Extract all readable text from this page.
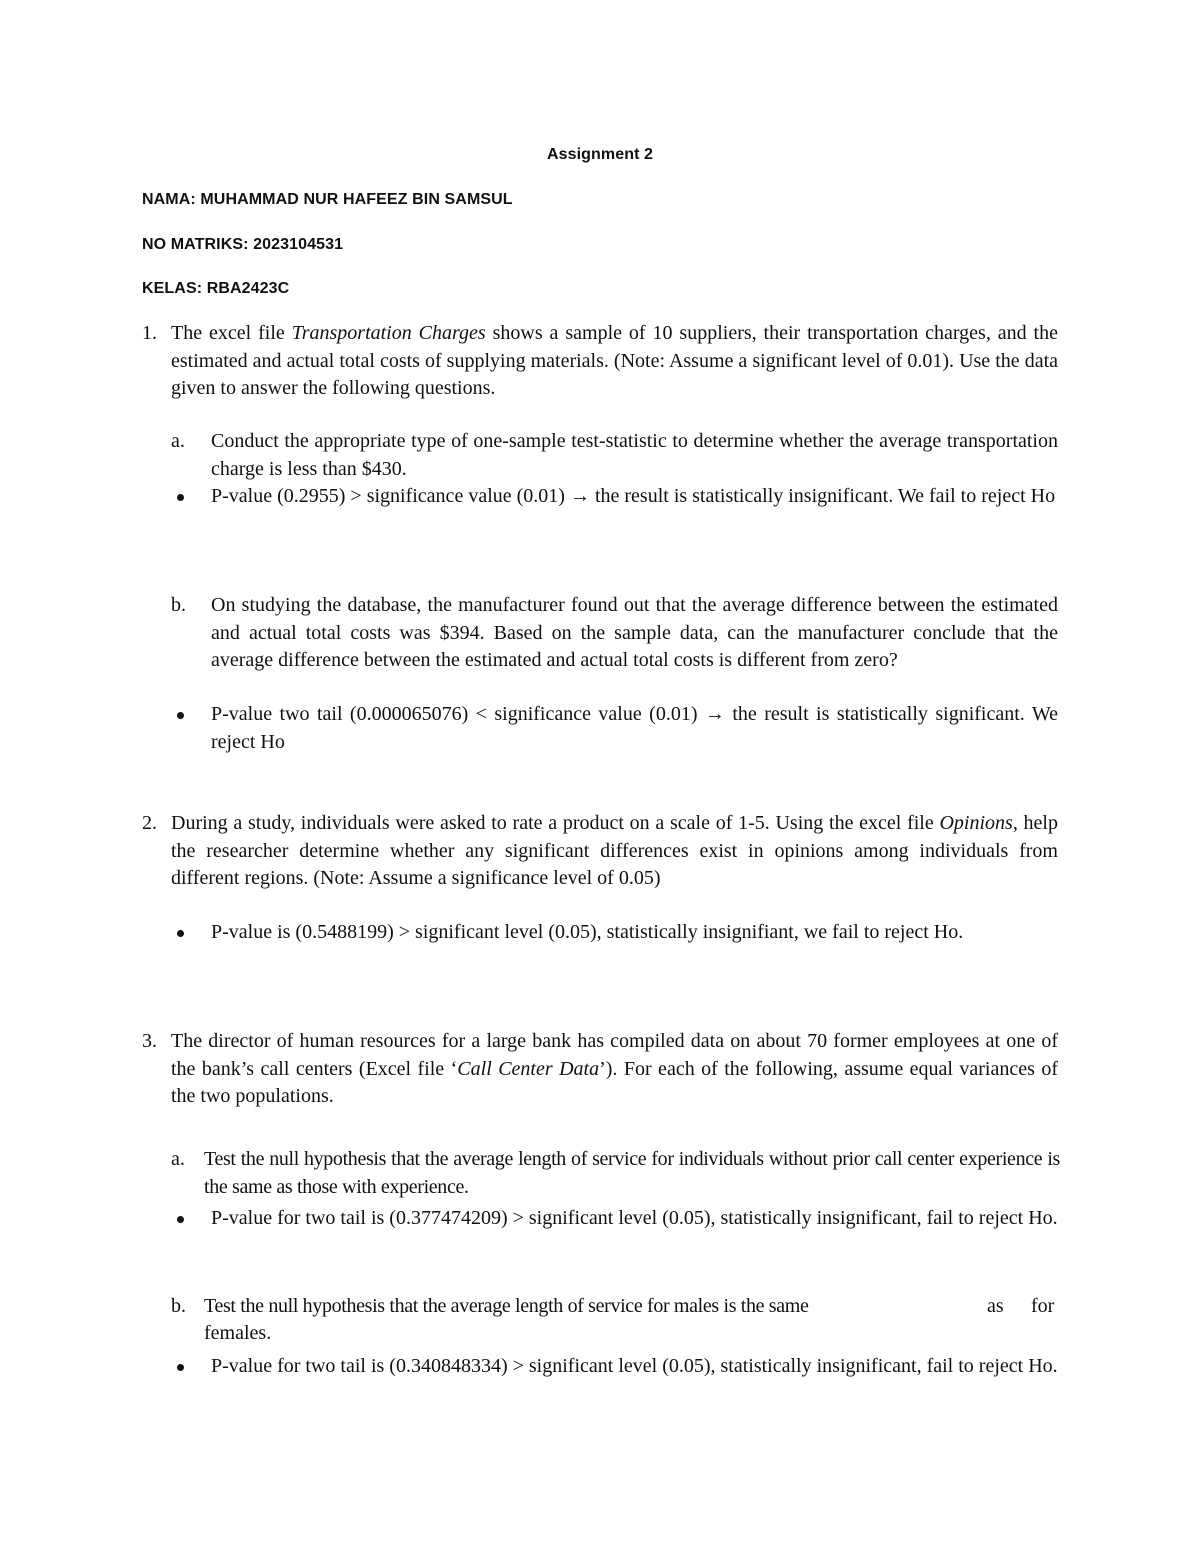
Assignment 2
NAMA: MUHAMMAD NUR HAFEEZ BIN SAMSUL
NO MATRIKS: 2023104531
KELAS: RBA2423C
1. The excel file Transportation Charges shows a sample of 10 suppliers, their transportation charges, and the estimated and actual total costs of supplying materials. (Note: Assume a significant level of 0.01). Use the data given to answer the following questions.
a. Conduct the appropriate type of one-sample test-statistic to determine whether the average transportation charge is less than $430.
P-value (0.2955) > significance value (0.01) → the result is statistically insignificant. We fail to reject Ho
b. On studying the database, the manufacturer found out that the average difference between the estimated and actual total costs was $394. Based on the sample data, can the manufacturer conclude that the average difference between the estimated and actual total costs is different from zero?
P-value two tail (0.000065076) < significance value (0.01) → the result is statistically significant. We reject Ho
2. During a study, individuals were asked to rate a product on a scale of 1-5. Using the excel file Opinions, help the researcher determine whether any significant differences exist in opinions among individuals from different regions. (Note: Assume a significance level of 0.05)
P-value is (0.5488199) > significant level (0.05), statistically insignifiant, we fail to reject Ho.
3. The director of human resources for a large bank has compiled data on about 70 former employees at one of the bank’s call centers (Excel file ‘Call Center Data’). For each of the following, assume equal variances of the two populations.
a. Test the null hypothesis that the average length of service for individuals without prior call center experience is the same as those with experience.
P-value for two tail is (0.377474209) > significant level (0.05), statistically insignificant, fail to reject Ho.
b. Test the null hypothesis that the average length of service for males is the same	as for
females.
P-value for two tail is (0.340848334) > significant level (0.05), statistically insignificant, fail to reject Ho.
